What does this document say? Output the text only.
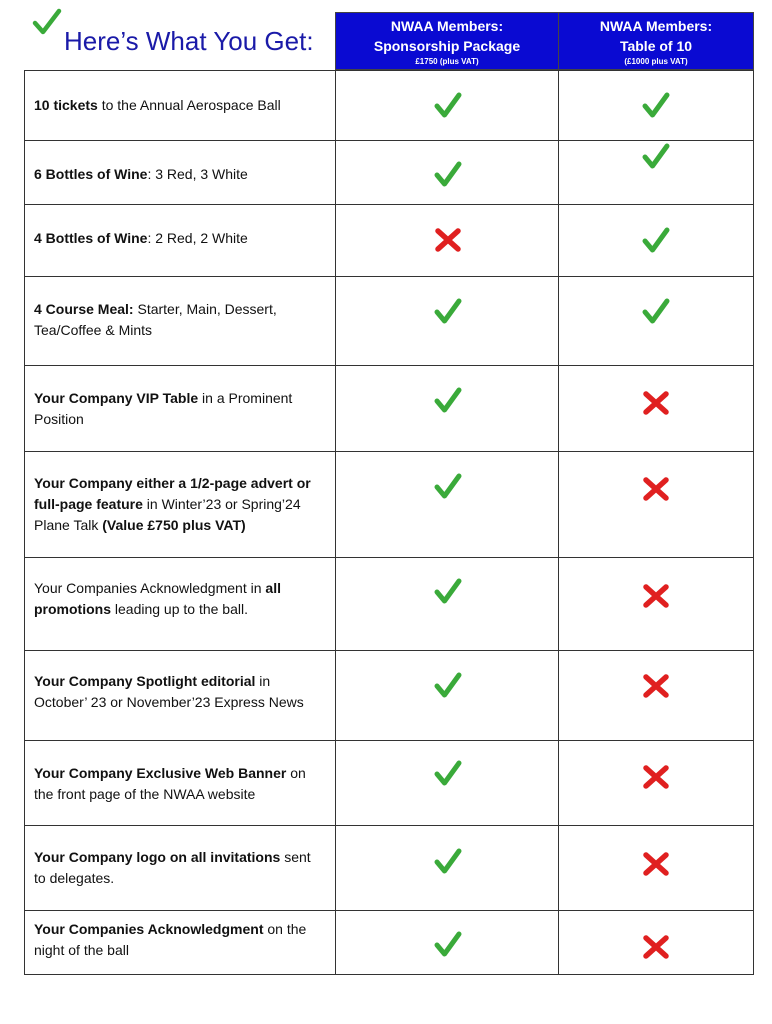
Here’s What You Get:	NWAA Members:
Sponsorship Package
£1750 (plus VAT)
NWAA Members:
Table of 10
(£1000 plus VAT)
10 tickets to the Annual Aerospace Ball
6 Bottles of Wine: 3 Red, 3 White
4 Bottles of Wine: 2 Red, 2 White
4 Course Meal: Starter, Main, Dessert, Tea/Coffee & Mints
Your Company VIP Table in a Prominent Position
Your Company either a 1/2-page advert or full-page feature in Winter’23 or Spring’24 Plane Talk (Value £750 plus VAT)
Your Companies Acknowledgment in all promotions leading up to the ball.
Your Company Spotlight editorial in October’ 23 or November’23 Express News
Your Company Exclusive Web Banner on the front page of the NWAA website
Your Company logo on all invitations sent to delegates.
Your Companies Acknowledgment on the night of the ball
